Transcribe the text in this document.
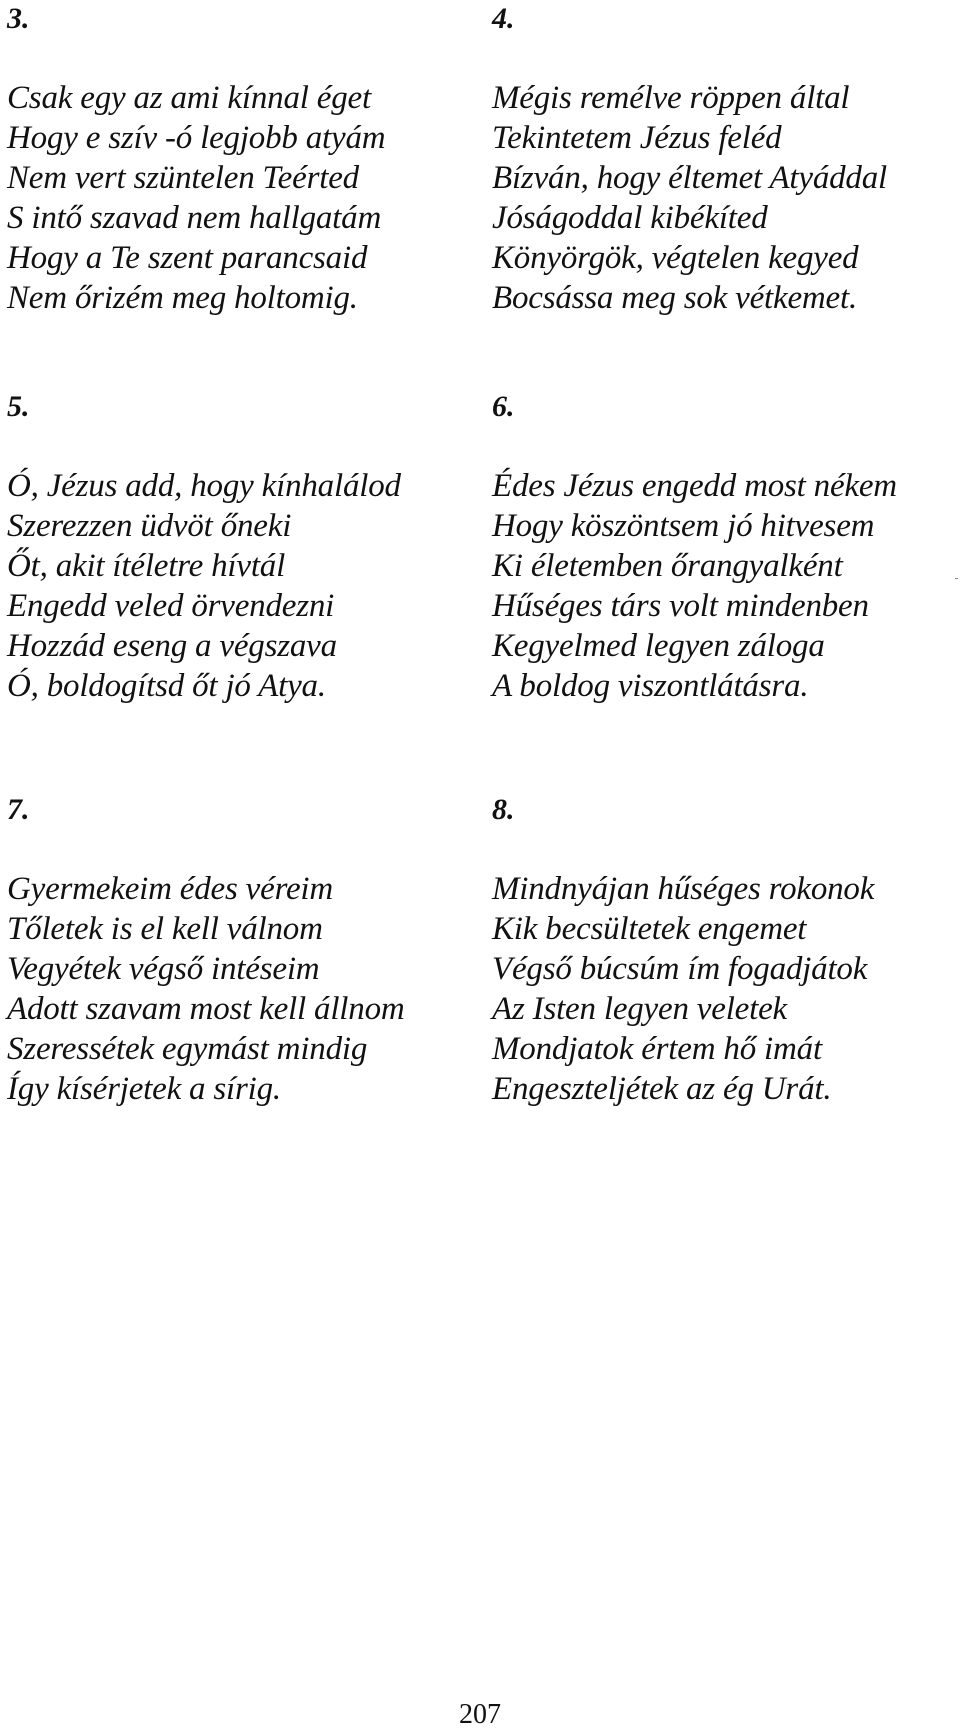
3.

Csak egy az ami kínnal éget
Hogy e szív -ó legjobb atyám
Nem vert szüntelen Teérted
S intő szavad nem hallgatám
Hogy a Te szent parancsaid
Nem őrizém meg holtomig.

4.

Mégis remélve röppen által
Tekintetem Jézus feléd
Bízván, hogy éltemet Atyáddal
Jóságoddal kibékíted
Könyörgök, végtelen kegyed
Bocsássa meg sok vétkemet.

5.

Ó, Jézus add, hogy kínhalálod
Szerezzen üdvöt őneki
Őt, akit ítéletre hívtál
Engedd veled örvendezni
Hozzád eseng a végszava
Ó, boldogítsd őt jó Atya.

6.

Édes Jézus engedd most nékem
Hogy köszöntsem jó hitvesem
Ki életemben őrangyalként
Hűséges társ volt mindenben
Kegyelmed legyen záloga
A boldog viszontlátásra.

7.

Gyermekeim édes véreim
Tőletek is el kell válnom
Vegyétek végső intéseim
Adott szavam most kell állnom
Szeressétek egymást mindig
Így kísérjetek a sírig.

8.

Mindnyájan hűséges rokonok
Kik becsültetek engemet
Végső búcsúm ím fogadjátok
Az Isten legyen veletek
Mondjatok értem hő imát
Engeszteljétek az ég Urát.
207
